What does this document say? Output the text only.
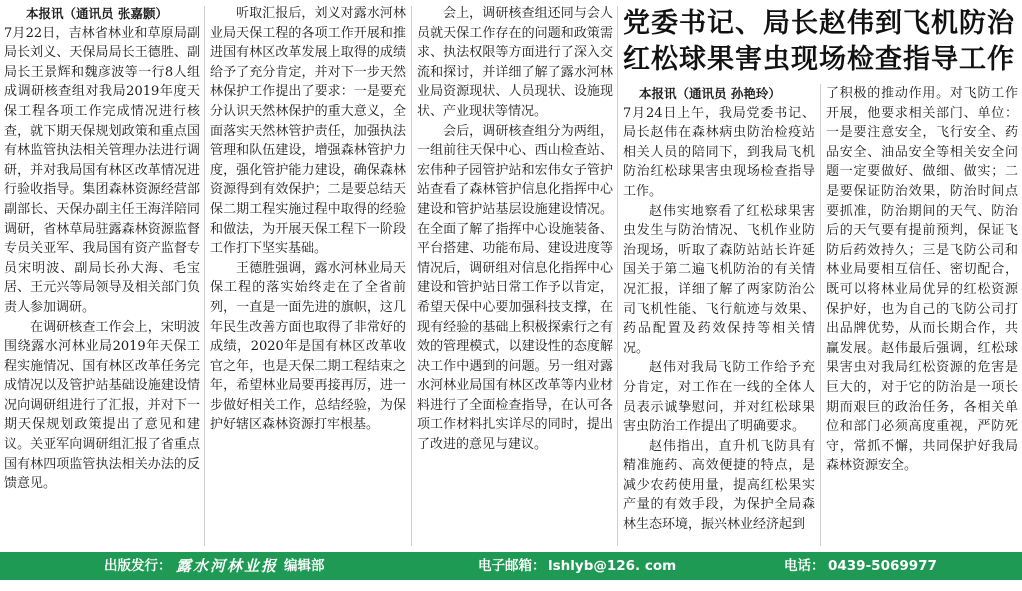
本报讯（通讯员 张嘉颢）

7月22日，吉林省林业和草原局副局长刘义、天保局局长王德胜、副局长王景辉和魏彦波等一行8人组成调研核查组对我局2019年度天保工程各项工作完成情况进行核查，就下期天保规划政策和重点国有林监管执法相关管理办法进行调研，并对我局国有林区改革情况进行验收指导。集团森林资源经营部副部长、天保办副主任王海洋陪同调研，省林草局驻露森林资源监督专员关亚军、我局国有资产监督专员宋明波、副局长孙大海、毛宝居、王元兴等局领导及相关部门负责人参加调研。

在调研核查工作会上，宋明波围绕露水河林业局2019年天保工程实施情况、国有林区改革任务完成情况以及管护站基础设施建设情况向调研组进行了汇报，并对下一期天保规划政策提出了意见和建议。关亚军向调研组汇报了省重点国有林四项监管执法相关办法的反馈意见。

听取汇报后，刘义对露水河林业局天保工程的各项工作开展和推进国有林区改革发展上取得的成绩给予了充分肯定，并对下一步天然林保护工作提出了要求：一是要充分认识天然林保护的重大意义，全面落实天然林管护责任，加强执法管理和队伍建设，增强森林管护力度，强化管护能力建设，确保森林资源得到有效保护；二是要总结天保二期工程实施过程中取得的经验和做法，为开展天保工程下一阶段工作打下坚实基础。

王德胜强调，露水河林业局天保工程的落实始终走在了全省前列，一直是一面先进的旗帜，这几年民生改善方面也取得了非常好的成绩，2020年是国有林区改革收官之年，也是天保二期工程结束之年，希望林业局要再接再厉，进一步做好相关工作，总结经验，为保护好辖区森林资源打牢根基。

会上，调研核查组还同与会人员就天保工作存在的问题和政策需求、执法权限等方面进行了深入交流和探讨，并详细了解了露水河林业局资源现状、人员现状、设施现状、产业现状等情况。

会后，调研核查组分为两组，一组前往天保中心、西山检查站、宏伟种子园管护站和宏伟女子管护站查看了森林管护信息化指挥中心建设和管护站基层设施建设情况。在全面了解了指挥中心设施装备、平台搭建、功能布局、建设进度等情况后，调研组对信息化指挥中心建设和管护站日常工作予以肯定，希望天保中心要加强科技支撑，在现有经验的基础上积极探索行之有效的管理模式，以建设性的态度解决工作中遇到的问题。另一组对露水河林业局国有林区改革等内业材料进行了全面检查指导，在认可各项工作材料扎实详尽的同时，提出了改进的意见与建议。

党委书记、局长赵伟到飞机防治
红松球果害虫现场检查指导工作
本报讯（通讯员 孙艳玲）

7月24日上午，我局党委书记、局长赵伟在森林病虫防治检疫站相关人员的陪同下，到我局飞机防治红松球果害虫现场检查指导工作。

赵伟实地察看了红松球果害虫发生与防治情况、飞机作业防治现场，听取了森防站站长许延国关于第二遍飞机防治的有关情况汇报，详细了解了两家防治公司飞机性能、飞行航迹与效果、药品配置及药效保持等相关情况。

赵伟对我局飞防工作给予充分肯定，对工作在一线的全体人员表示诚挚慰问，并对红松球果害虫防治工作提出了明确要求。

赵伟指出，直升机飞防具有精准施药、高效便捷的特点，是减少农药使用量，提高红松果实产量的有效手段，为保护全局森林生态环境，振兴林业经济起到

了积极的推动作用。对飞防工作开展，他要求相关部门、单位：一是要注意安全，飞行安全、药品安全、油品安全等相关安全问题一定要做好、做细、做实；二是要保证防治效果，防治时间点要抓准，防治期间的天气、防治后的天气要有提前预判，保证飞防后药效持久；三是飞防公司和林业局要相互信任、密切配合，既可以将林业局优异的红松资源保护好，也为自己的飞防公司打出品牌优势，从而长期合作，共赢发展。赵伟最后强调，红松球果害虫对我局红松资源的危害是巨大的，对于它的防治是一项长期而艰巨的政治任务，各相关单位和部门必须高度重视，严防死守，常抓不懈，共同保护好我局森林资源安全。

出版发行： 露水河林业报 编辑部	电子邮箱： lshlyb@126. com	电话： 0439-5069977
